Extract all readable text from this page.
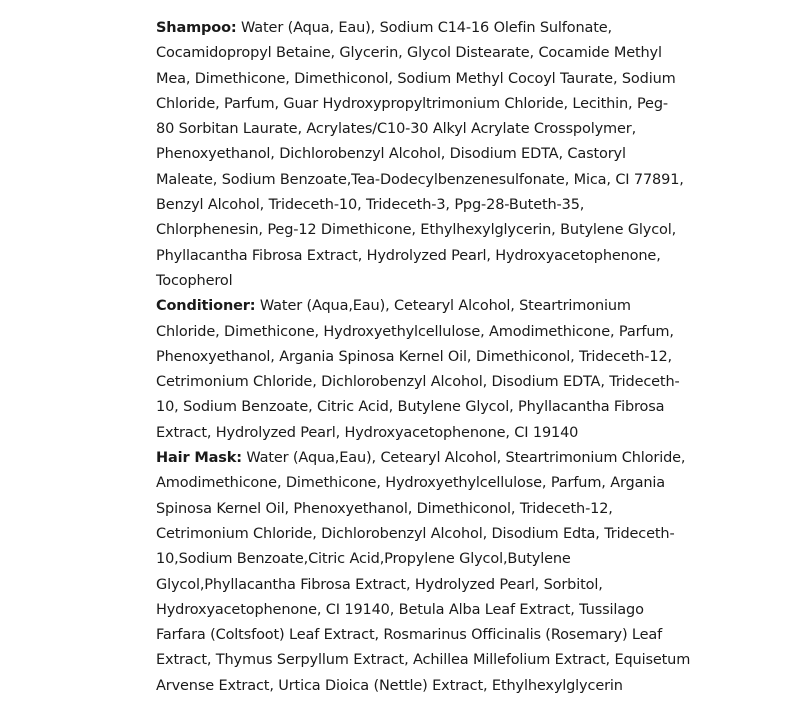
Shampoo: Water (Aqua, Eau), Sodium C14-16 Olefin Sulfonate,
Cocamidopropyl Betaine, Glycerin, Glycol Distearate, Cocamide Methyl
Mea, Dimethicone, Dimethiconol, Sodium Methyl Cocoyl Taurate, Sodium
Chloride, Parfum, Guar Hydroxypropyltrimonium Chloride, Lecithin, Peg-
80 Sorbitan Laurate, Acrylates/C10-30 Alkyl Acrylate Crosspolymer,
Phenoxyethanol, Dichlorobenzyl Alcohol, Disodium EDTA, Castoryl
Maleate, Sodium Benzoate,Tea-Dodecylbenzenesulfonate, Mica, CI 77891,
Benzyl Alcohol, Trideceth-10, Trideceth-3, Ppg-28-Buteth-35,
Chlorphenesin, Peg-12 Dimethicone, Ethylhexylglycerin, Butylene Glycol,
Phyllacantha Fibrosa Extract, Hydrolyzed Pearl, Hydroxyacetophenone,
Tocopherol
Conditioner: Water (Aqua,Eau), Cetearyl Alcohol, Steartrimonium
Chloride, Dimethicone, Hydroxyethylcellulose, Amodimethicone, Parfum,
Phenoxyethanol, Argania Spinosa Kernel Oil, Dimethiconol, Trideceth-12,
Cetrimonium Chloride, Dichlorobenzyl Alcohol, Disodium EDTA, Trideceth-
10, Sodium Benzoate, Citric Acid, Butylene Glycol, Phyllacantha Fibrosa
Extract, Hydrolyzed Pearl, Hydroxyacetophenone, CI 19140
Hair Mask: Water (Aqua,Eau), Cetearyl Alcohol, Steartrimonium Chloride,
Amodimethicone, Dimethicone, Hydroxyethylcellulose, Parfum, Argania
Spinosa Kernel Oil, Phenoxyethanol, Dimethiconol, Trideceth-12,
Cetrimonium Chloride, Dichlorobenzyl Alcohol, Disodium Edta, Trideceth-
10,Sodium Benzoate,Citric Acid,Propylene Glycol,Butylene
Glycol,Phyllacantha Fibrosa Extract, Hydrolyzed Pearl, Sorbitol,
Hydroxyacetophenone, CI 19140, Betula Alba Leaf Extract, Tussilago
Farfara (Coltsfoot) Leaf Extract, Rosmarinus Officinalis (Rosemary) Leaf
Extract, Thymus Serpyllum Extract, Achillea Millefolium Extract, Equisetum
Arvense Extract, Urtica Dioica (Nettle) Extract, Ethylhexylglycerin
